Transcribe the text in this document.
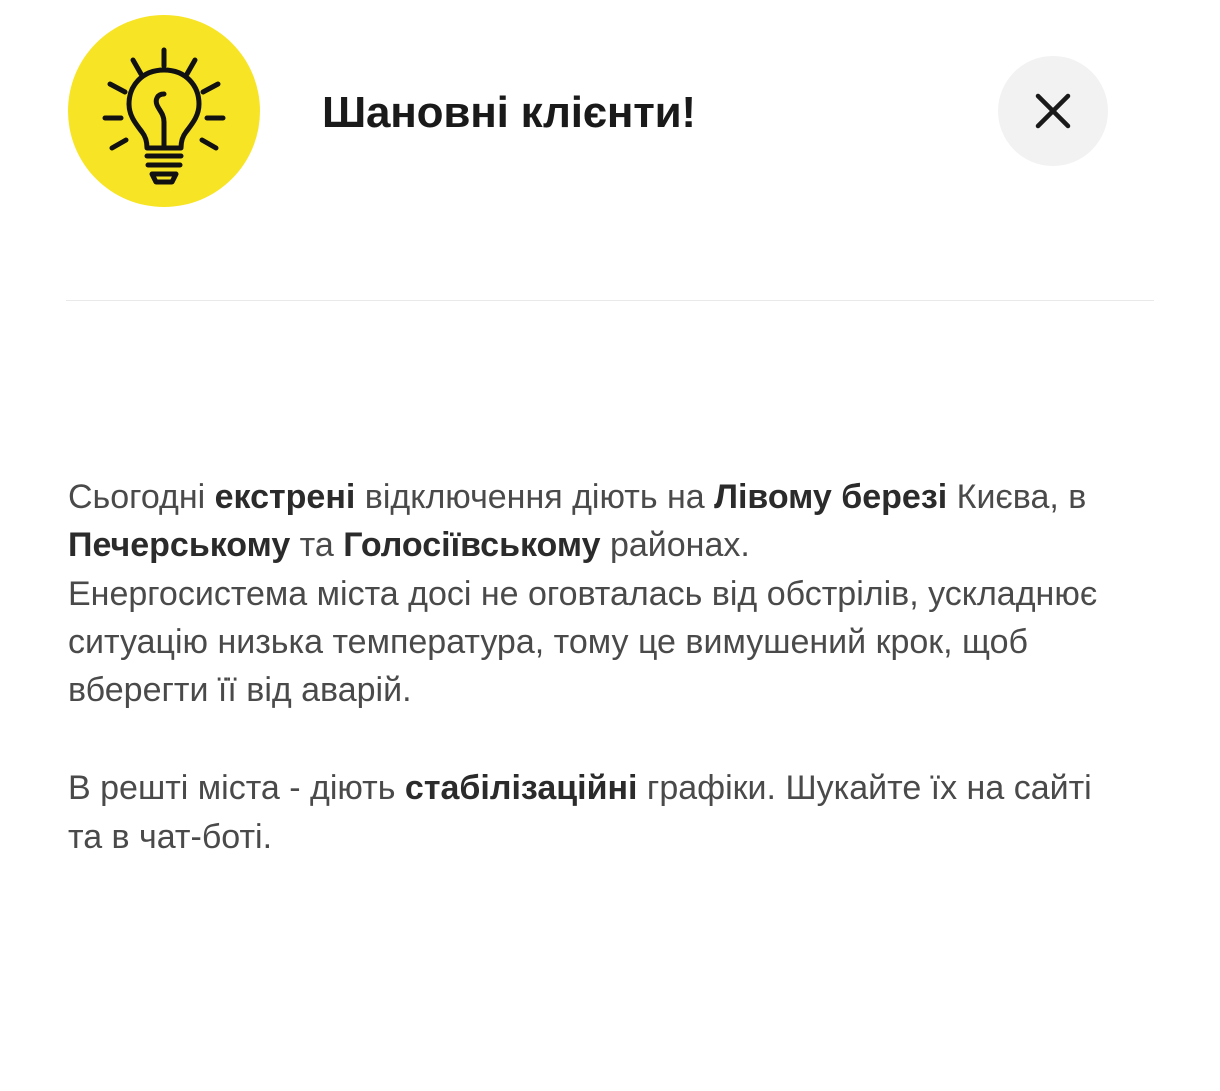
Шановні клієнти!

Сьогодні екстрені відключення діють на Лівому березі Києва, в Печерському та Голосіївському районах.

Енергосистема міста досі не оговталась від обстрілів, ускладнює ситуацію низька температура, тому це вимушений крок, щоб вберегти її від аварій.

В решті міста - діють стабілізаційні графіки. Шукайте їх на сайті та в чат-боті.
